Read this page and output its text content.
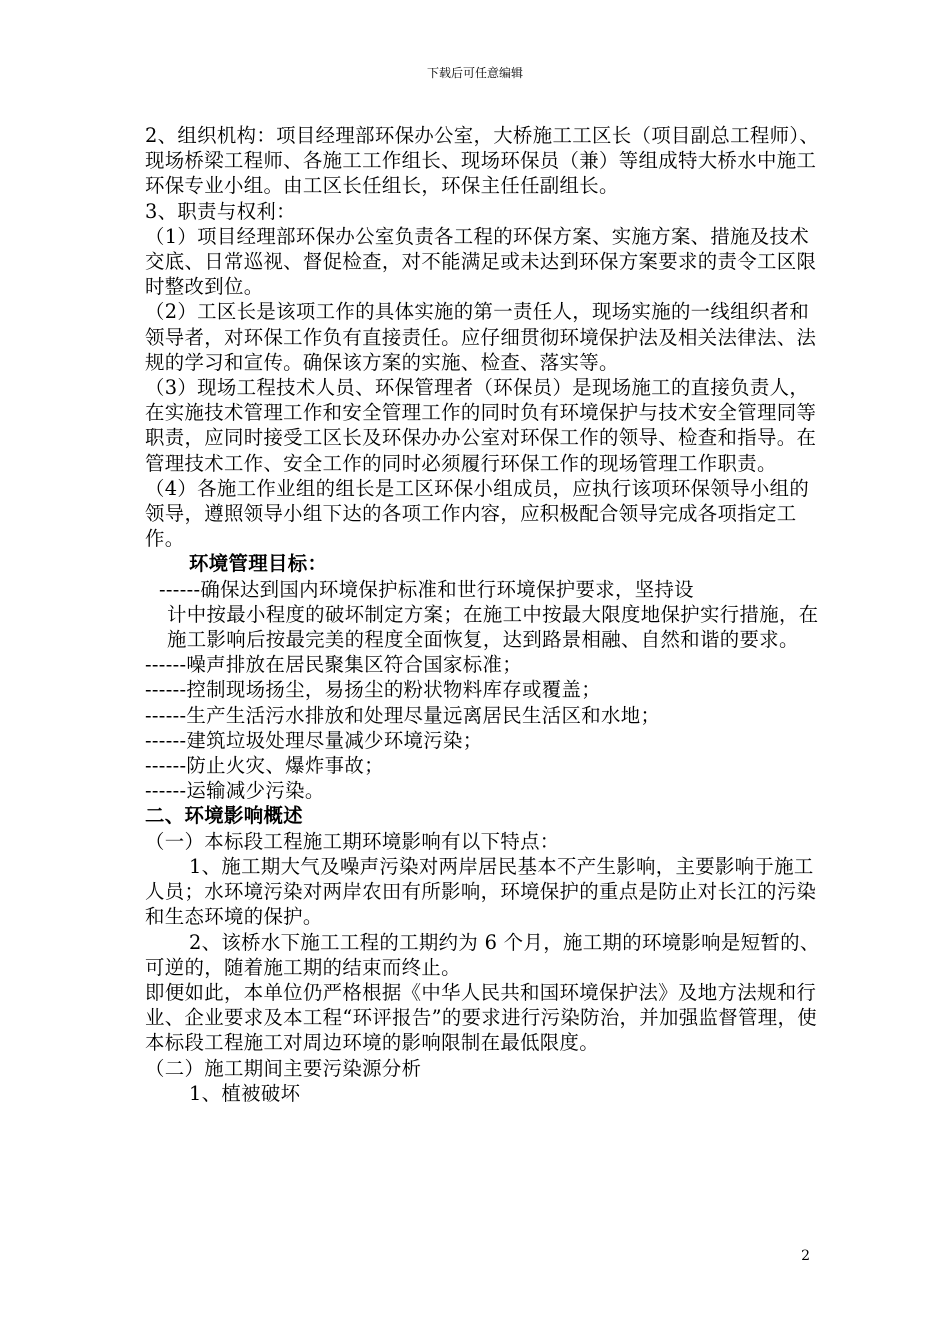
下载后可任意编辑

2、组织机构：项目经理部环保办公室，大桥施工工区长（项目副总工程师）、现场桥梁工程师、各施工工作组长、现场环保员（兼）等组成特大桥水中施工环保专业小组。由工区长任组长，环保主任任副组长。

3、职责与权利：

（1）项目经理部环保办公室负责各工程的环保方案、实施方案、措施及技术交底、日常巡视、督促检查，对不能满足或未达到环保方案要求的责令工区限时整改到位。

（2）工区长是该项工作的具体实施的第一责任人，现场实施的一线组织者和领导者，对环保工作负有直接责任。应仔细贯彻环境保护法及相关法律法、法规的学习和宣传。确保该方案的实施、检查、落实等。

（3）现场工程技术人员、环保管理者（环保员）是现场施工的直接负责人，在实施技术管理工作和安全管理工作的同时负有环境保护与技术安全管理同等职责，应同时接受工区长及环保办办公室对环保工作的领导、检查和指导。在管理技术工作、安全工作的同时必须履行环保工作的现场管理工作职责。

（4）各施工作业组的组长是工区环保小组成员，应执行该项环保领导小组的领导，遵照领导小组下达的各项工作内容，应积极配合领导完成各项指定工作。

环境管理目标：

------确保达到国内环境保护标准和世行环境保护要求，坚持设

计中按最小程度的破坏制定方案；在施工中按最大限度地保护实行措施，在施工影响后按最完美的程度全面恢复，达到路景相融、自然和谐的要求。

------噪声排放在居民聚集区符合国家标准；

------控制现场扬尘，易扬尘的粉状物料库存或覆盖；

------生产生活污水排放和处理尽量远离居民生活区和水地；

------建筑垃圾处理尽量减少环境污染；

------防止火灾、爆炸事故；

------运输减少污染。

二、环境影响概述

（一）本标段工程施工期环境影响有以下特点：

1、施工期大气及噪声污染对两岸居民基本不产生影响，主要影响于施工人员；水环境污染对两岸农田有所影响，环境保护的重点是防止对长江的污染和生态环境的保护。

2、该桥水下施工工程的工期约为 6 个月，施工期的环境影响是短暂的、可逆的，随着施工期的结束而终止。

即便如此，本单位仍严格根据《中华人民共和国环境保护法》及地方法规和行业、企业要求及本工程“环评报告”的要求进行污染防治，并加强监督管理，使本标段工程施工对周边环境的影响限制在最低限度。

（二）施工期间主要污染源分析

1、植被破坏

2
